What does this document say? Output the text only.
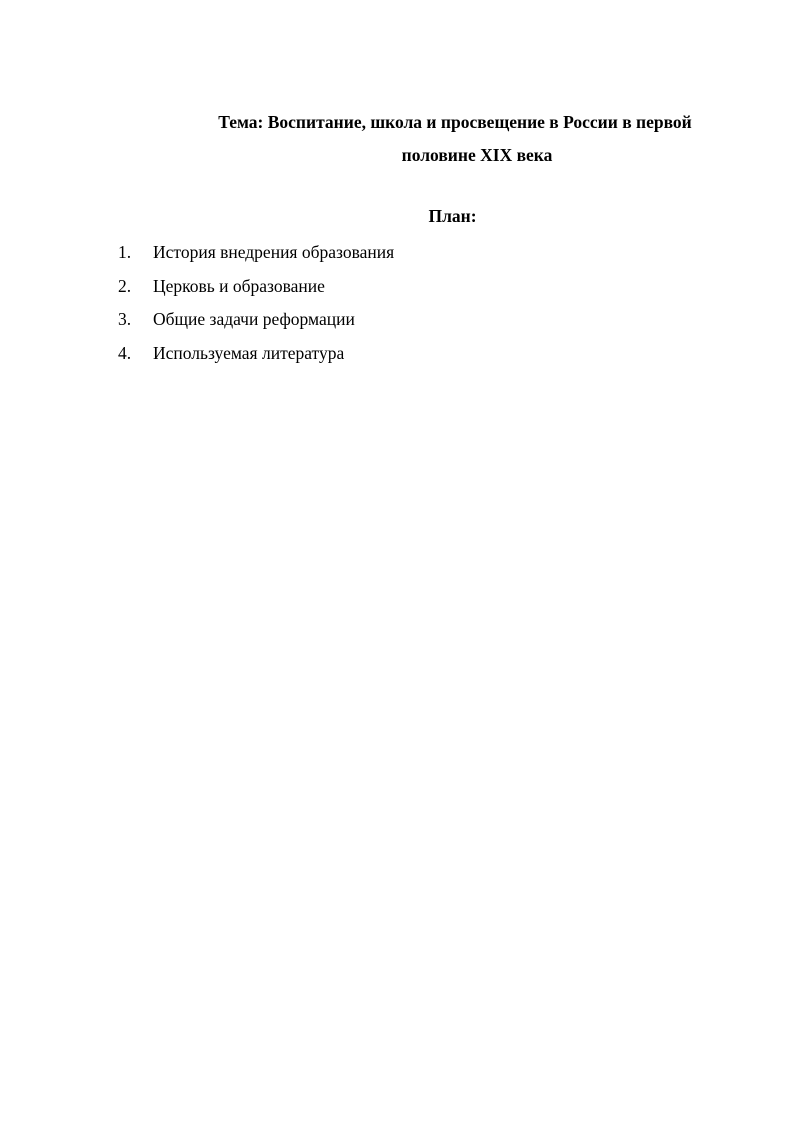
Тема: Воспитание, школа и просвещение в России в первой
половине XIX века
План:
1.	История внедрения образования
2.	Церковь и образование
3.	Общие задачи реформации
4.	Используемая литература
